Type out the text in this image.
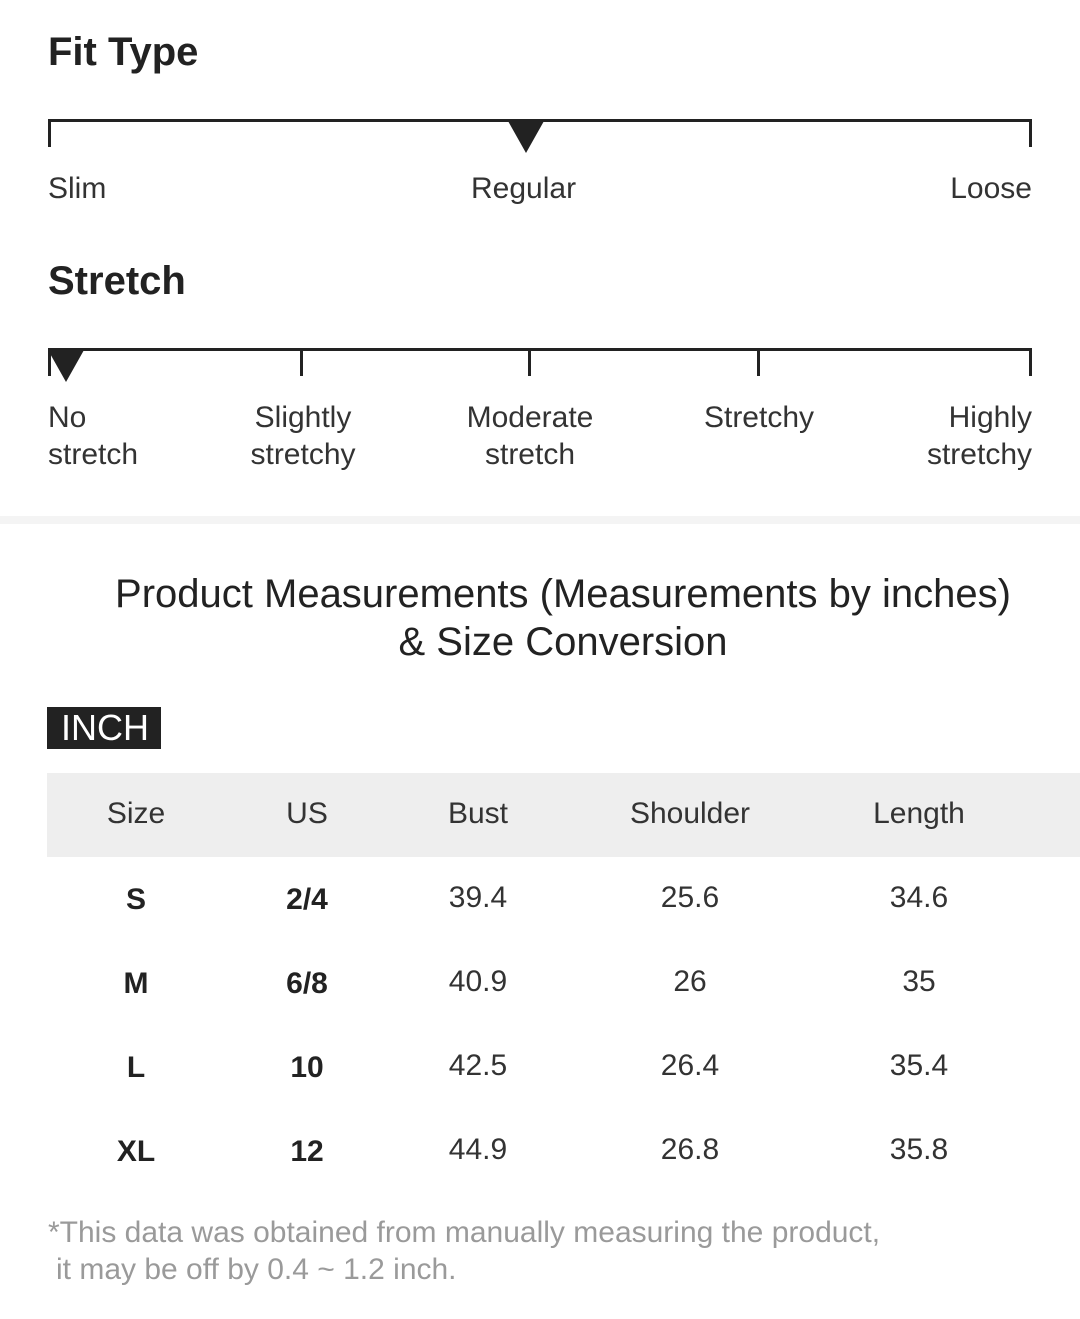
Fit Type
Slim	Regular	Loose
Stretch
No
stretch
Slightly
stretchy
Moderate
stretch
Stretchy	Highly
stretchy
Product Measurements (Measurements by inches) & Size Conversion
INCH
Size	US	Bust	Shoulder	Length
S	2/4	39.4	25.6	34.6
M	6/8	40.9	26	35
L	10	42.5	26.4	35.4
XL	12	44.9	26.8	35.8
*This data was obtained from manually measuring the product,
it may be off by 0.4 ~ 1.2 inch.
